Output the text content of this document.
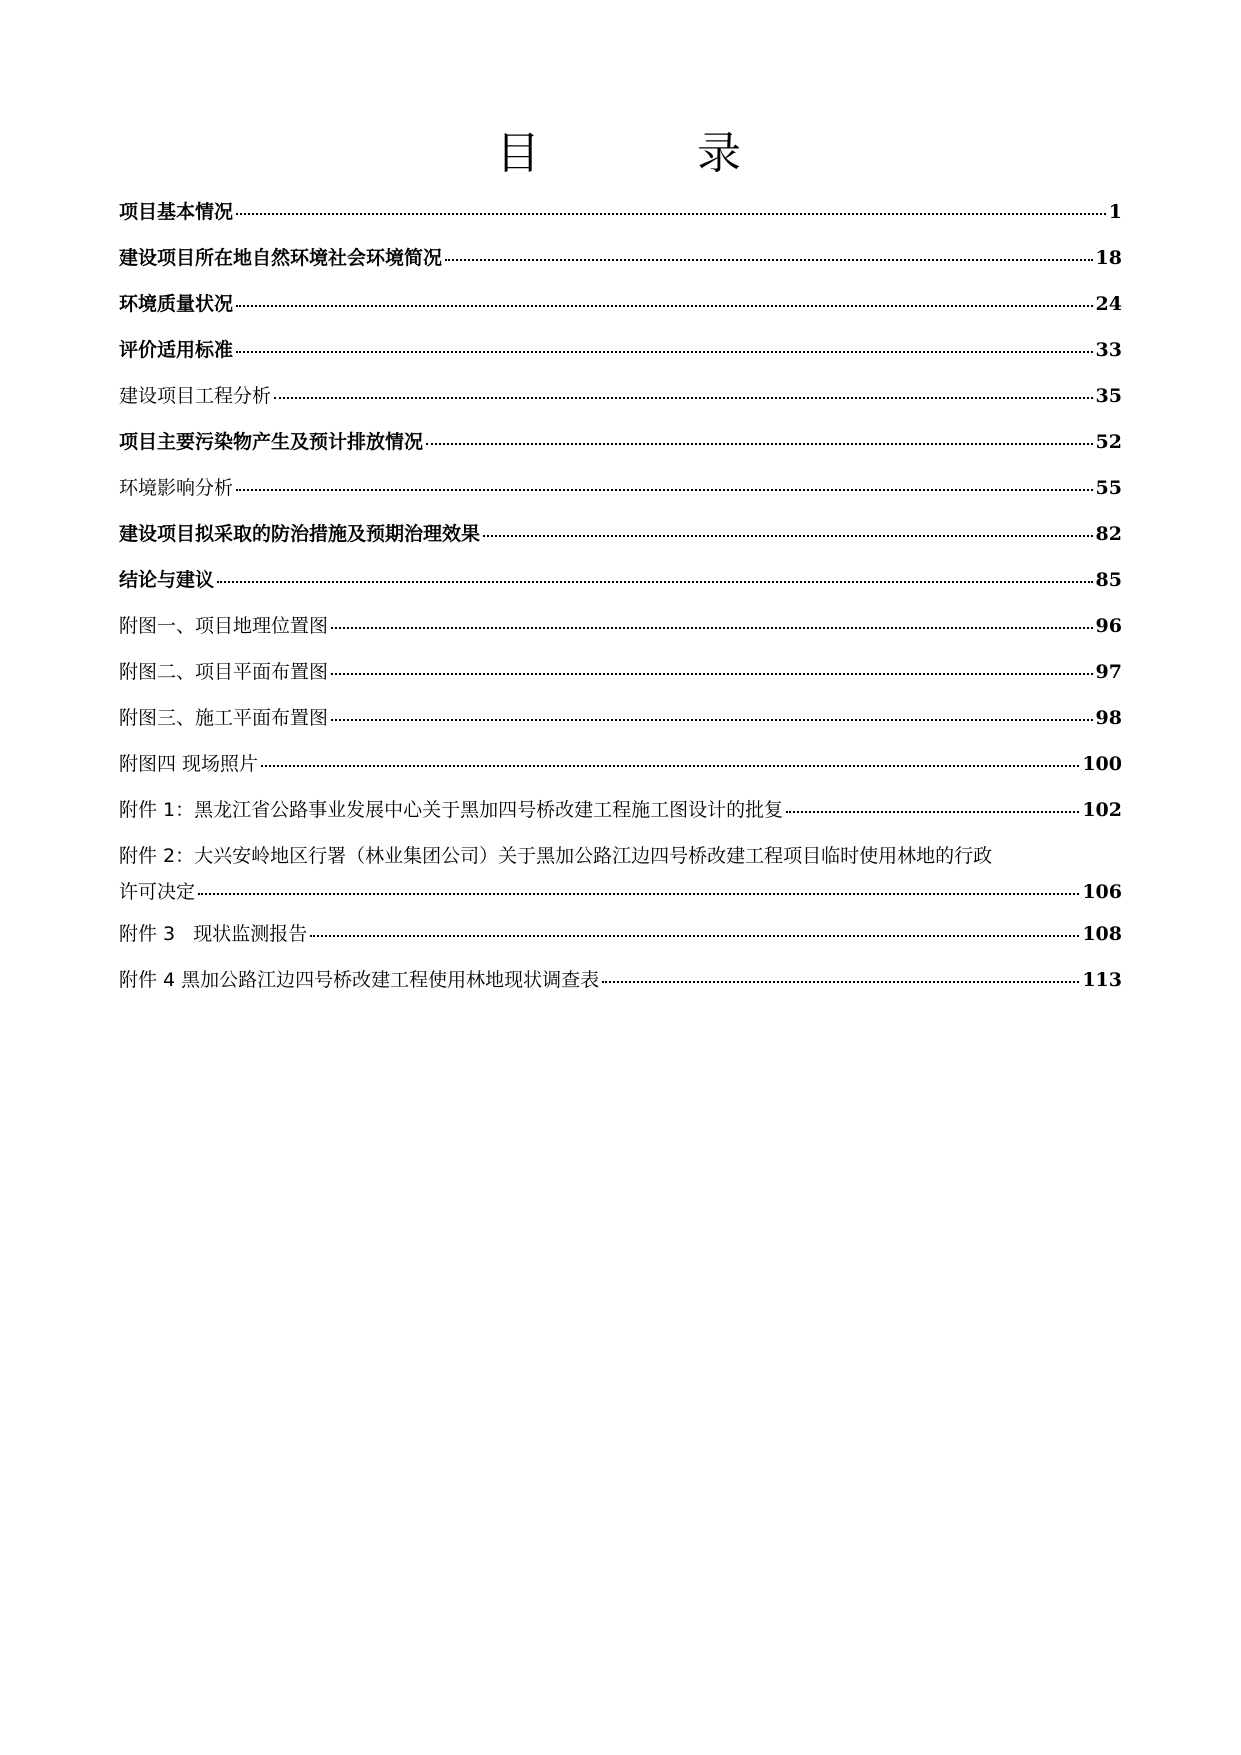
目	录
项目基本情况	1
建设项目所在地自然环境社会环境简况	18
环境质量状况	24
评价适用标准	33
建设项目工程分析	35
项目主要污染物产生及预计排放情况	52
环境影响分析	55
建设项目拟采取的防治措施及预期治理效果	82
结论与建议	85
附图一、项目地理位置图	96
附图二、项目平面布置图	97
附图三、施工平面布置图	98
附图四 现场照片	100
附件 1：黑龙江省公路事业发展中心关于黑加四号桥改建工程施工图设计的批复	102
附件 2：大兴安岭地区行署（林业集团公司）关于黑加公路江边四号桥改建工程项目临时使用林地的行政
许可决定	106
附件 3   现状监测报告	108
附件 4 黑加公路江边四号桥改建工程使用林地现状调查表	113
